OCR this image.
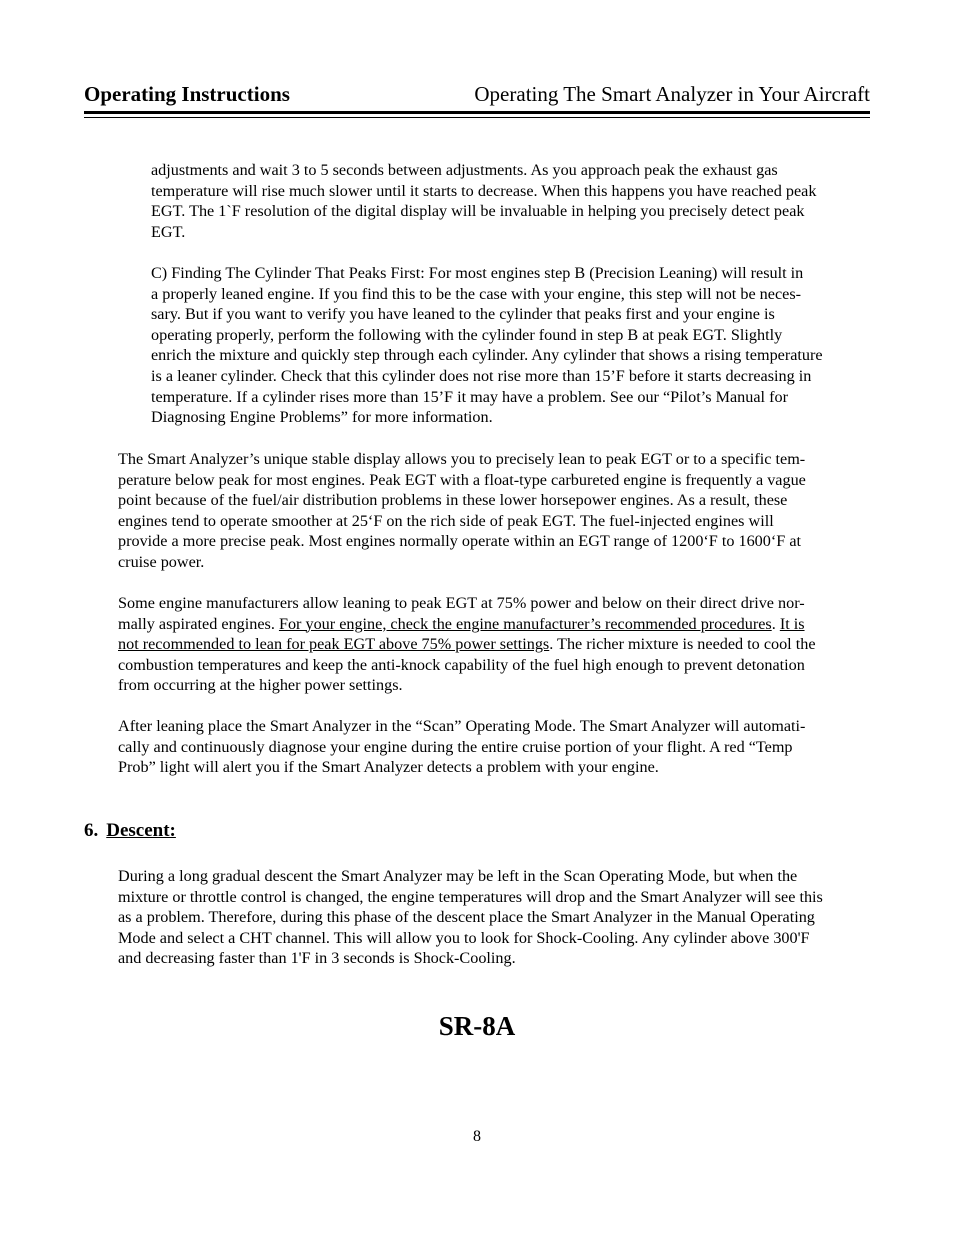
Operating Instructions	Operating The Smart Analyzer in Your Aircraft
adjustments and wait 3 to 5 seconds between adjustments. As you approach peak the exhaust gas
temperature will rise much slower until it starts to decrease. When this happens you have reached peak
EGT. The 1`F resolution of the digital display will be invaluable in helping you precisely detect peak
EGT.
C) Finding The Cylinder That Peaks First: For most engines step B (Precision Leaning) will result in
a properly leaned engine. If you find this to be the case with your engine, this step will not be neces-
sary. But if you want to verify you have leaned to the cylinder that peaks first and your engine is
operating properly, perform the following with the cylinder found in step B at peak EGT. Slightly
enrich the mixture and quickly step through each cylinder. Any cylinder that shows a rising temperature
is a leaner cylinder. Check that this cylinder does not rise more than 15’F before it starts decreasing in
temperature. If a cylinder rises more than 15’F it may have a problem. See our “Pilot’s Manual for
Diagnosing Engine Problems” for more information.
The Smart Analyzer’s unique stable display allows you to precisely lean to peak EGT or to a specific tem-
perature below peak for most engines. Peak EGT with a float-type carbureted engine is frequently a vague
point because of the fuel/air distribution problems in these lower horsepower engines. As a result, these
engines tend to operate smoother at 25‘F on the rich side of peak EGT. The fuel-injected engines will
provide a more precise peak. Most engines normally operate within an EGT range of 1200‘F to 1600‘F at
cruise power.
Some engine manufacturers allow leaning to peak EGT at 75% power and below on their direct drive nor-
mally aspirated engines. For your engine, check the engine manufacturer’s recommended procedures. It is
not recommended to lean for peak EGT above 75% power settings. The richer mixture is needed to cool the
combustion temperatures and keep the anti-knock capability of the fuel high enough to prevent detonation
from occurring at the higher power settings.
After leaning place the Smart Analyzer in the “Scan” Operating Mode. The Smart Analyzer will automati-
cally and continuously diagnose your engine during the entire cruise portion of your flight. A red “Temp
Prob” light will alert you if the Smart Analyzer detects a problem with your engine.
6. Descent:
During a long gradual descent the Smart Analyzer may be left in the Scan Operating Mode, but when the
mixture or throttle control is changed, the engine temperatures will drop and the Smart Analyzer will see this
as a problem. Therefore, during this phase of the descent place the Smart Analyzer in the Manual Operating
Mode and select a CHT channel. This will allow you to look for Shock-Cooling. Any cylinder above 300'F
and decreasing faster than 1'F in 3 seconds is Shock-Cooling.
SR-8A
8
